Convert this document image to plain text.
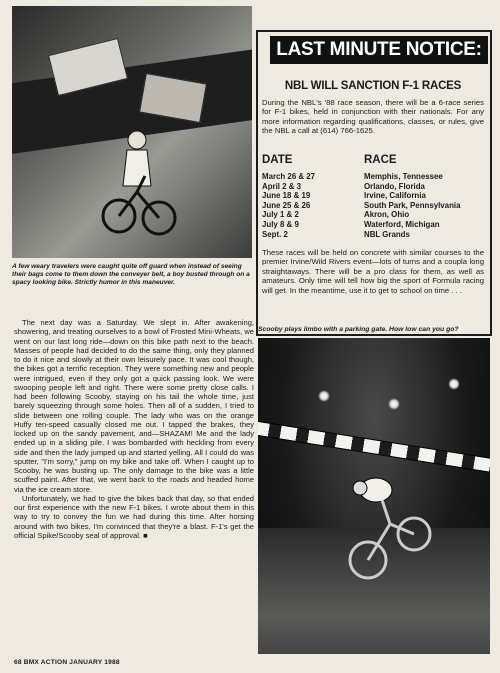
A few weary travelers were caught quite off guard when instead of seeing their bags come to them down the conveyer belt, a boy busted through on a spacy looking bike. Strictly humor in this maneuver.
LAST MINUTE NOTICE:
NBL WILL SANCTION F-1 RACES
During the NBL's '88 race season, there will be a 6-race series for F-1 bikes, held in conjunction with their nationals. For any more information regarding qualifications, classes, or rules, give the NBL a call at (614) 766-1625.
DATE	RACE
March 26 & 27	Memphis, Tennessee
April 2 & 3	Orlando, Florida
June 18 & 19	Irvine, California
June 25 & 26	South Park, Pennsylvania
July 1 & 2	Akron, Ohio
July 8 & 9	Waterford, Michigan
Sept. 2	NBL Grands
These races will be held on concrete with similar courses to the premier Irvine/Wild Rivers event—lots of turns and a coupla long straightaways. There will be a pro class for them, as well as amateurs. Only time will tell how big the sport of Formula racing will get. In the meantime, use it to get to school on time . . .

The next day was a Saturday. We slept in. After awakening, showering, and treating ourselves to a bowl of Frosted Mini-Wheats, we went on our last long ride—down on this bike path next to the beach. Masses of people had decided to do the same thing, only they planned to do it nice and slowly at their own leisurely pace. It was cool though, the bikes got a terrific reception. They were something new and people were intrigued, even if they only got a quick passing look. We were swooping people left and right. There were some pretty close calls. I had been following Scooby, staying on his tail the whole time, just barely squeezing through some holes. Then all of a sudden, I tried to slide between one rolling couple. The lady who was on the orange Huffy ten-speed casually closed me out. I tapped the brakes, they locked up on the sandy pavement, and—SHAZAM! Me and the lady ended up in a sliding pile. I was bombarded with heckling from every side and then the lady jumped up and started yelling. All I could do was sputter, "I'm sorry," jump on my bike and take off. When I caught up to Scooby, he was busting up. The only damage to the bike was a little scuffed paint. After that, we went back to the roads and headed home via the ice cream store.

Unfortunately, we had to give the bikes back that day, so that ended our first experience with the new F-1 bikes. I wrote about them in this way to try to convey the fun we had during this time. After horsing around with two bikes, I'm convinced that they're a blast. F-1's get the official Spike/Scooby seal of approval. ■

Scooby plays limbo with a parking gate. How low can you go?
68 BMX ACTION JANUARY 1988
